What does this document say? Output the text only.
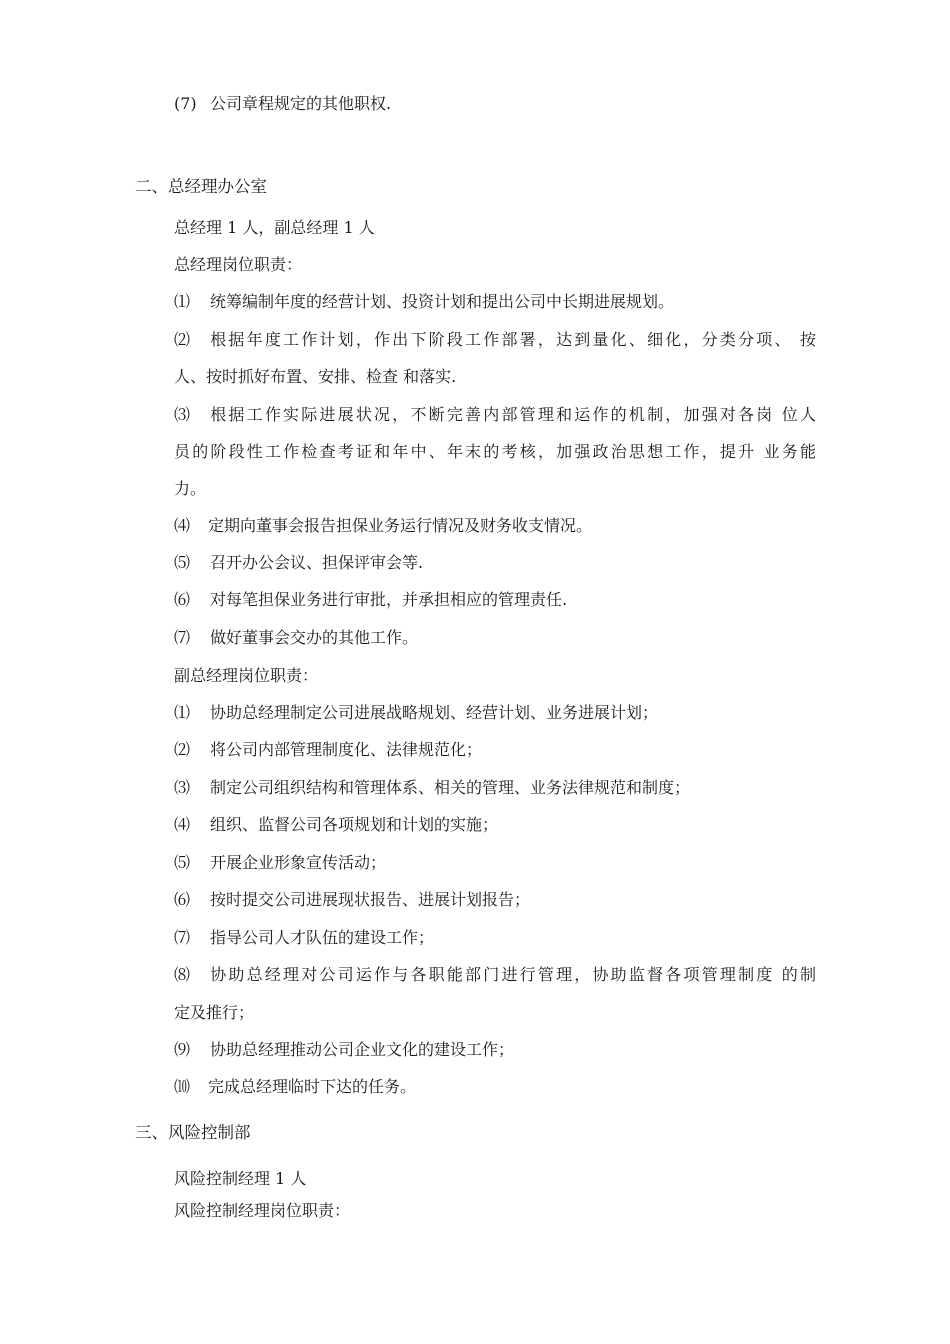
(7) 公司章程规定的其他职权.
二、总经理办公室
总经理 1 人，副总经理 1 人
总经理岗位职责：
⑴ 统筹编制年度的经营计划、投资计划和提出公司中长期进展规划。
⑵ 根据年度工作计划，作出下阶段工作部署，达到量化、细化，分类分项、 按
人、按时抓好布置、安排、检查 和落实.
⑶ 根据工作实际进展状况，不断完善内部管理和运作的机制，加强对各岗 位人
员的阶段性工作检查考证和年中、年末的考核，加强政治思想工作，提升 业务能
力。
⑷ 定期向董事会报告担保业务运行情况及财务收支情况。
⑸ 召开办公会议、担保评审会等.
⑹ 对每笔担保业务进行审批，并承担相应的管理责任.
⑺ 做好董事会交办的其他工作。
副总经理岗位职责：
⑴ 协助总经理制定公司进展战略规划、经营计划、业务进展计划；
⑵ 将公司内部管理制度化、法律规范化；
⑶ 制定公司组织结构和管理体系、相关的管理、业务法律规范和制度；
⑷ 组织、监督公司各项规划和计划的实施；
⑸ 开展企业形象宣传活动；
⑹ 按时提交公司进展现状报告、进展计划报告；
⑺ 指导公司人才队伍的建设工作；
⑻ 协助总经理对公司运作与各职能部门进行管理，协助监督各项管理制度 的制
定及推行；
⑼ 协助总经理推动公司企业文化的建设工作；
⑽ 完成总经理临时下达的任务。
三、风险控制部
风险控制经理 1 人
风险控制经理岗位职责：
